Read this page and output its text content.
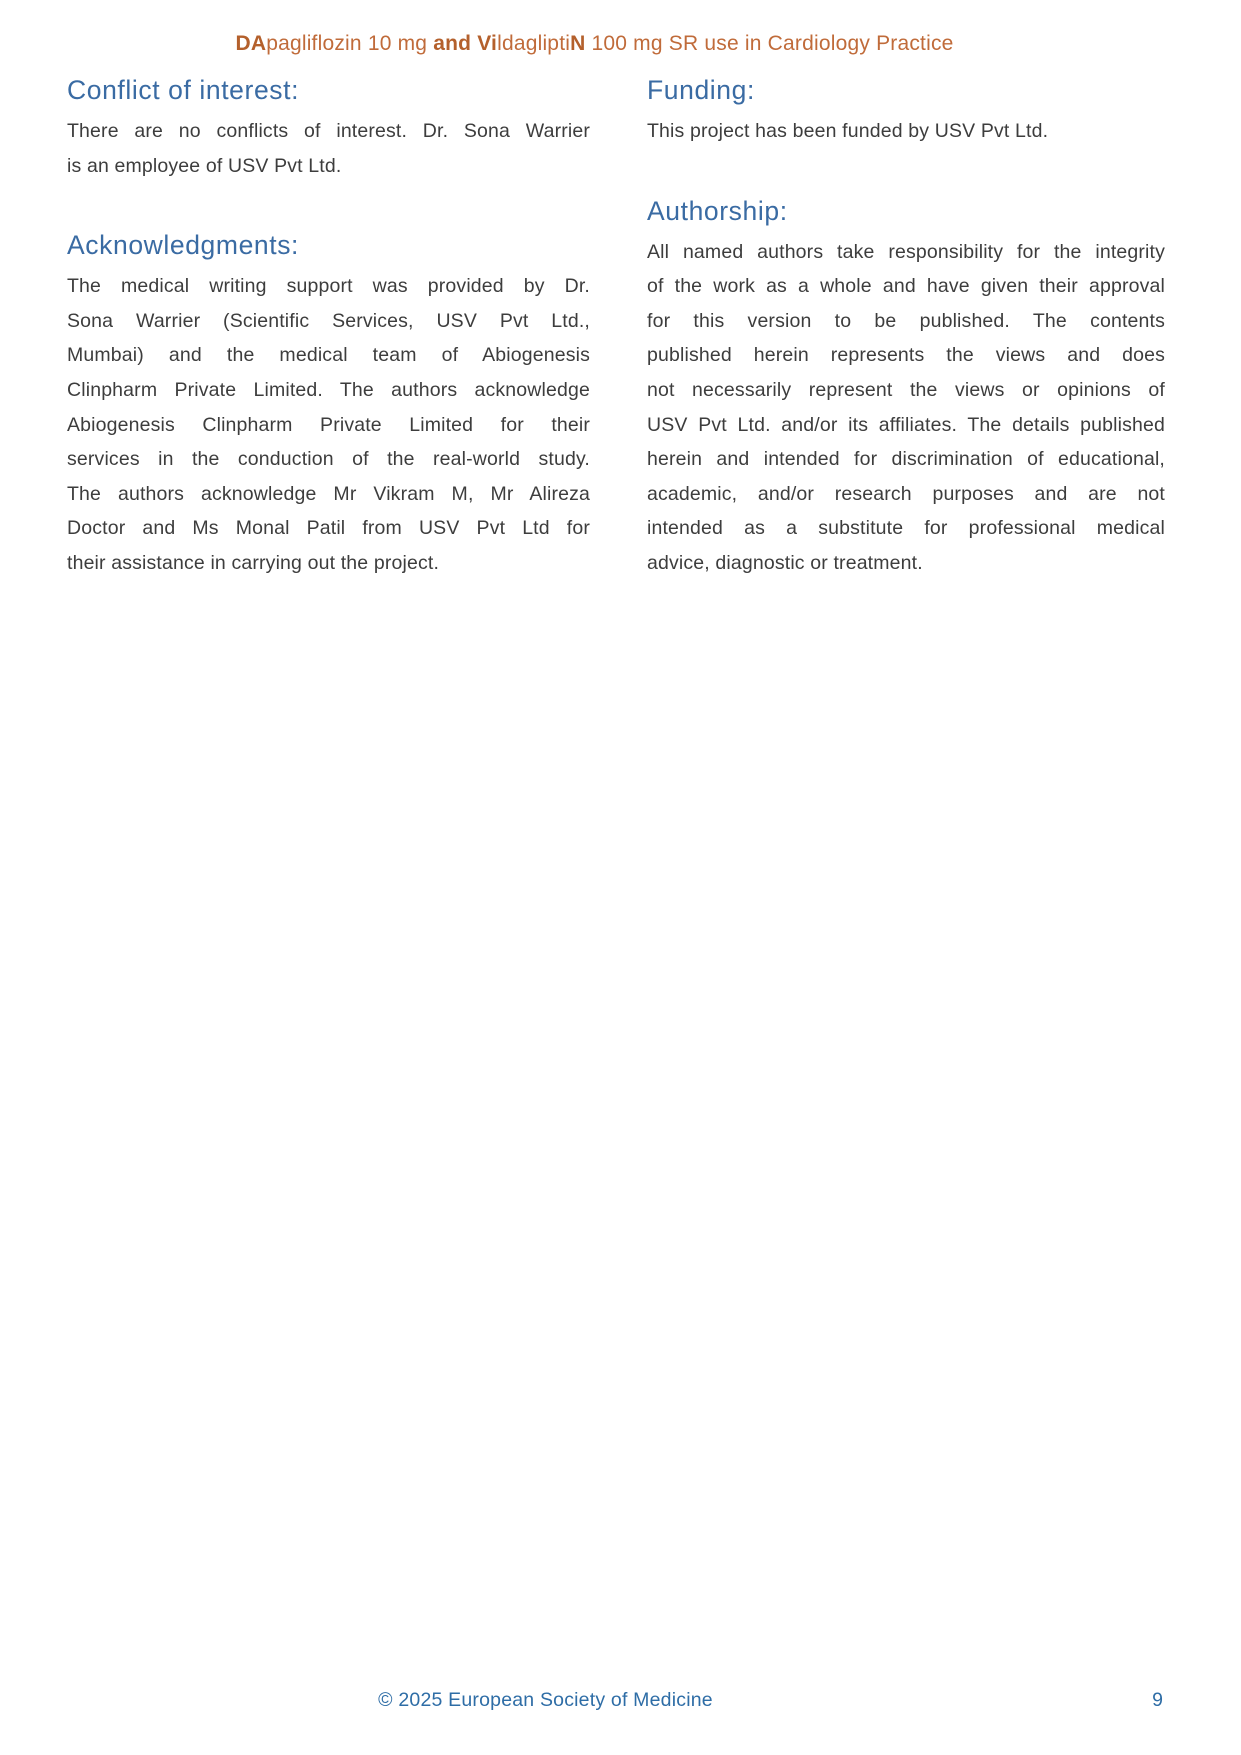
DApagliflozin 10 mg and VildagliptiN 100 mg SR use in Cardiology Practice
Conflict of interest:
There are no conflicts of interest. Dr. Sona Warrier
is an employee of USV Pvt Ltd.
Acknowledgments:
The medical writing support was provided by Dr.
Sona Warrier (Scientific Services, USV Pvt Ltd.,
Mumbai) and the medical team of Abiogenesis
Clinpharm Private Limited. The authors acknowledge
Abiogenesis Clinpharm Private Limited for their
services in the conduction of the real-world study.
The authors acknowledge Mr Vikram M, Mr Alireza
Doctor and Ms Monal Patil from USV Pvt Ltd for
their assistance in carrying out the project.
Funding:
This project has been funded by USV Pvt Ltd.
Authorship:
All named authors take responsibility for the integrity
of the work as a whole and have given their approval
for this version to be published. The contents
published herein represents the views and does
not necessarily represent the views or opinions of
USV Pvt Ltd. and/or its affiliates. The details published
herein and intended for discrimination of educational,
academic, and/or research purposes and are not
intended as a substitute for professional medical
advice, diagnostic or treatment.
© 2025 European Society of Medicine	9
